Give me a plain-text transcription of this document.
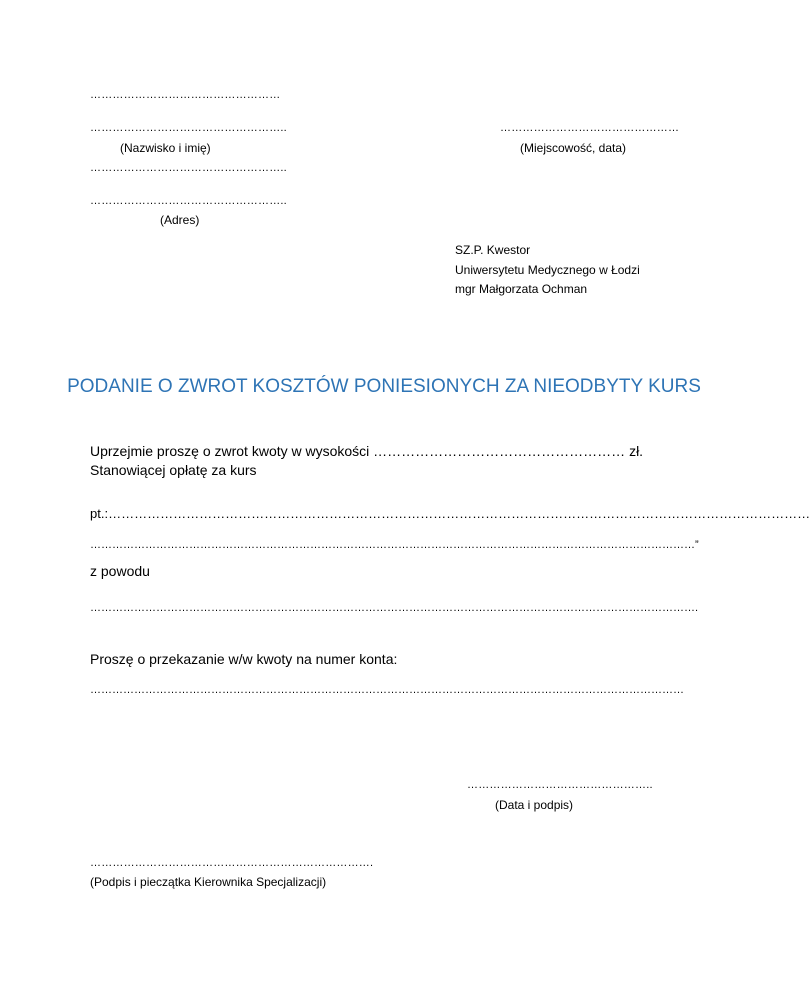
……………………………………………
……………………………………………..
(Nazwisko i imię)
…………………………………………
(Miejscowość, data)
……………………………………………..
……………………………………………..
(Adres)
SZ.P. Kwestor
Uniwersytetu Medycznego w Łodzi
mgr Małgorzata Ochman
PODANIE O ZWROT KOSZTÓW PONIESIONYCH ZA NIEODBYTY KURS
Uprzejmie proszę o zwrot kwoty w wysokości ……………………………………………… zł.
Stanowiącej opłatę za kurs
pt.:………………………………………………………………………………………………………………………………………………
…………………………………………………………………………………………………………………………………………………”
z powodu
………………………………………………………………………………………………………………………………………………….
Proszę o przekazanie w/w kwoty na numer konta:
………………………………………………………………………………………………………………………………………………
…………………………………………..
(Data i podpis)
………………………………………………………………….
(Podpis i pieczątka Kierownika Specjalizacji)
